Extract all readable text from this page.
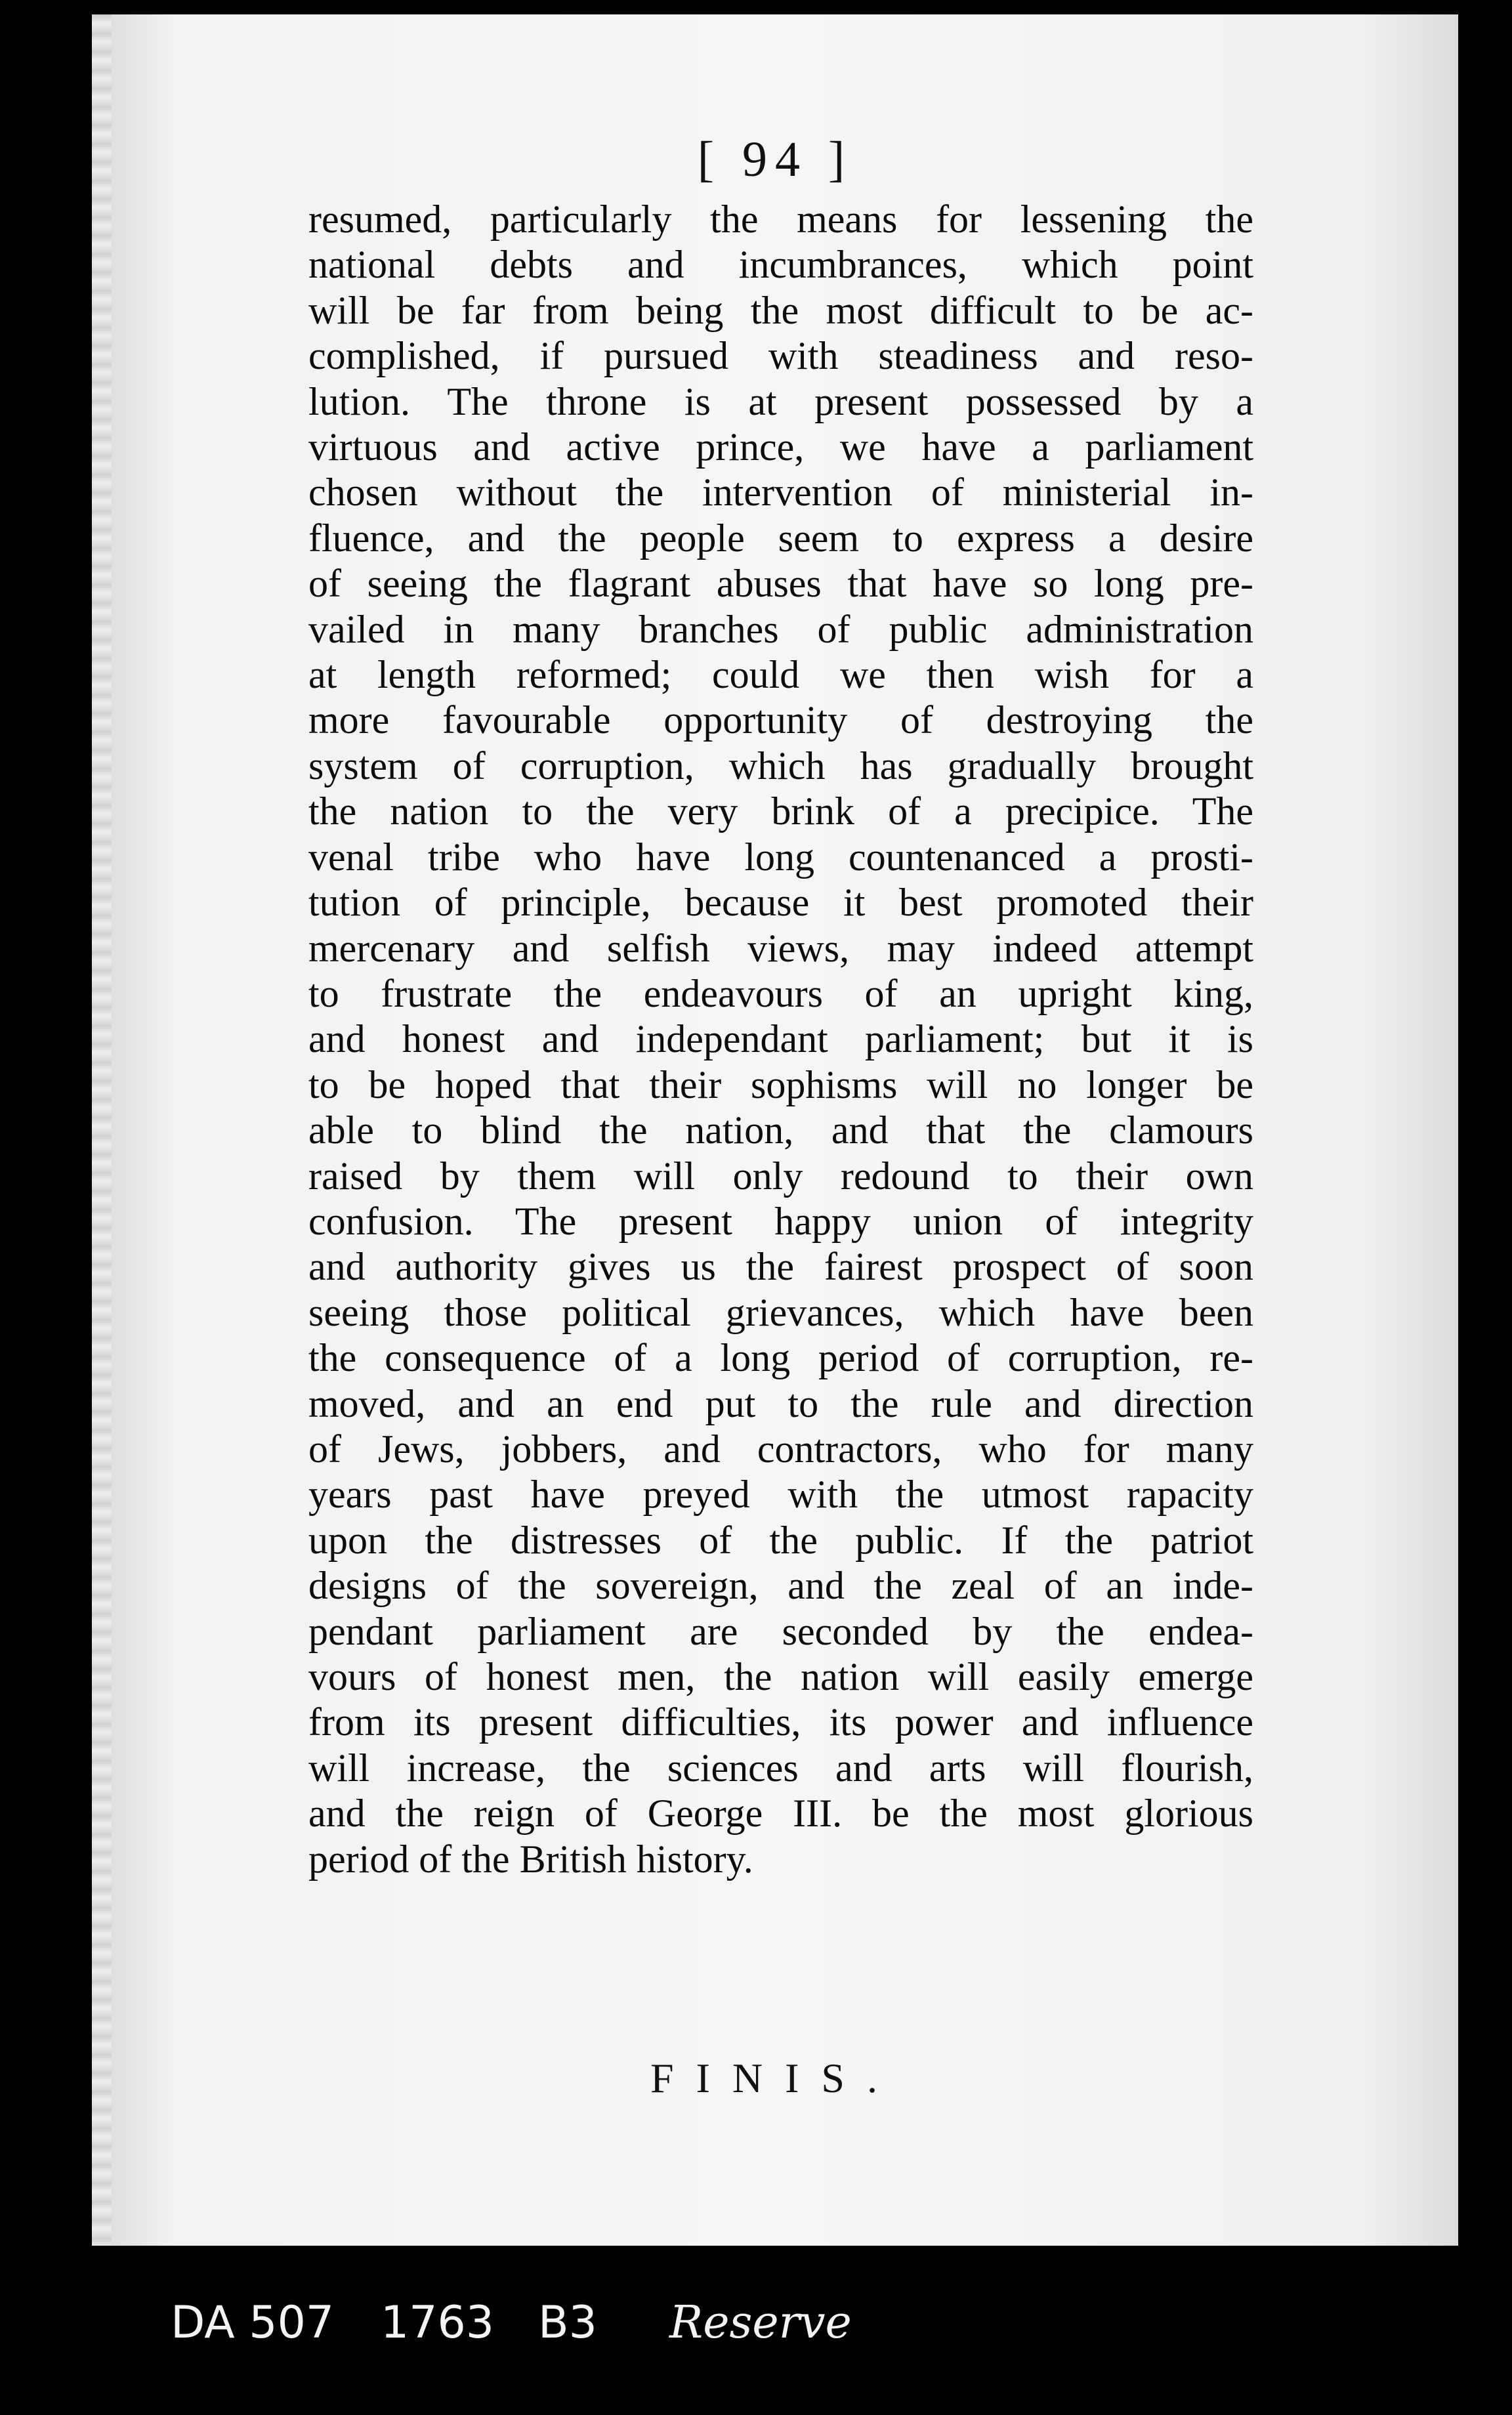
[ 94 ]
resumed, particularly the means for lessening the
national debts and incumbrances, which point
will be far from being the most difficult to be ac-
complished, if pursued with steadiness and reso-
lution. The throne is at present possessed by a
virtuous and active prince, we have a parliament
chosen without the intervention of ministerial in-
fluence, and the people seem to express a desire
of seeing the flagrant abuses that have so long pre-
vailed in many branches of public administration
at length reformed; could we then wish for a
more favourable opportunity of destroying the
system of corruption, which has gradually brought
the nation to the very brink of a precipice. The
venal tribe who have long countenanced a prosti-
tution of principle, because it best promoted their
mercenary and selfish views, may indeed attempt
to frustrate the endeavours of an upright king,
and honest and independant parliament; but it is
to be hoped that their sophisms will no longer be
able to blind the nation, and that the clamours
raised by them will only redound to their own
confusion. The present happy union of integrity
and authority gives us the fairest prospect of soon
seeing those political grievances, which have been
the consequence of a long period of corruption, re-
moved, and an end put to the rule and direction
of Jews, jobbers, and contractors, who for many
years past have preyed with the utmost rapacity
upon the distresses of the public. If the patriot
designs of the sovereign, and the zeal of an inde-
pendant parliament are seconded by the endea-
vours of honest men, the nation will easily emerge
from its present difficulties, its power and influence
will increase, the sciences and arts will flourish,
and the reign of George III. be the most glorious
period of the British history.
FINIS.
DA 507 1763 B3 Reserve
